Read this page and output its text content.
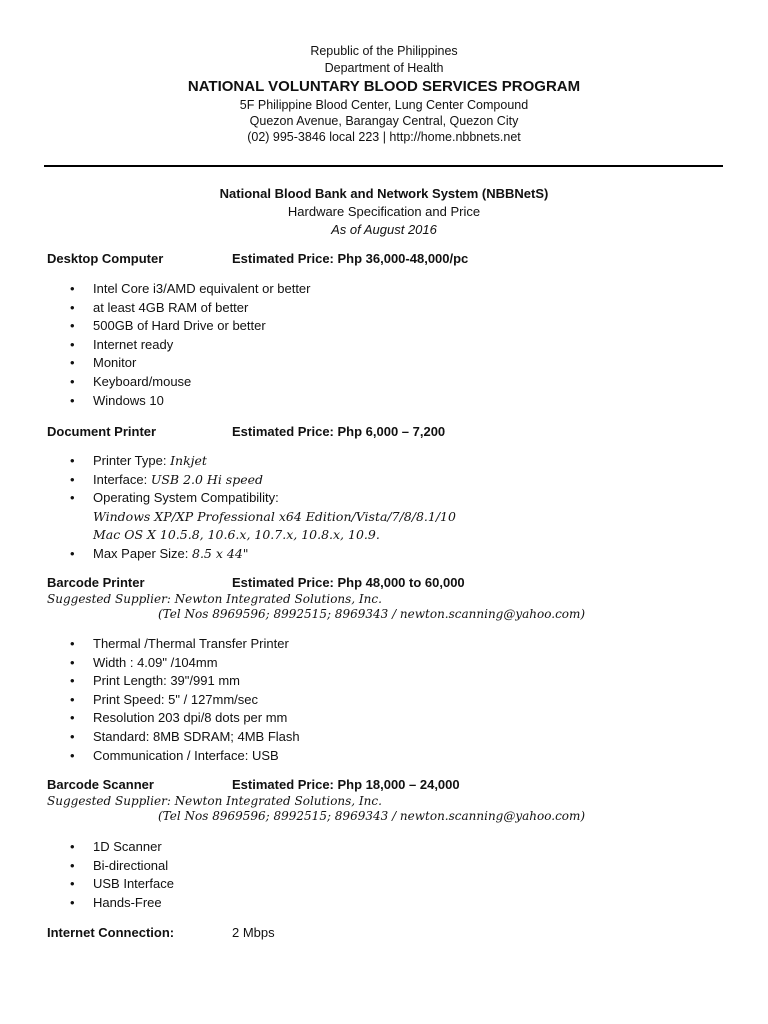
Republic of the Philippines
Department of Health
NATIONAL VOLUNTARY BLOOD SERVICES PROGRAM
5F Philippine Blood Center, Lung Center Compound
Quezon Avenue, Barangay Central, Quezon City
(02) 995-3846 local 223 | http://home.nbbnets.net
National Blood Bank and Network System (NBBNetS)
Hardware Specification and Price
As of August 2016
Desktop Computer	Estimated Price: Php 36,000-48,000/pc
• Intel Core i3/AMD equivalent or better
• at least 4GB RAM of better
• 500GB of Hard Drive or better
• Internet ready
• Monitor
• Keyboard/mouse
• Windows 10
Document Printer	Estimated Price: Php 6,000 – 7,200
• Printer Type: Inkjet
• Interface: USB 2.0 Hi speed
• Operating System Compatibility:
Windows XP/XP Professional x64 Edition/Vista/7/8/8.1/10
Mac OS X 10.5.8, 10.6.x, 10.7.x, 10.8.x, 10.9.
• Max Paper Size: 8.5 x 44"
Barcode Printer	Estimated Price: Php 48,000 to 60,000
Suggested Supplier: Newton Integrated Solutions, Inc.
(Tel Nos 8969596; 8992515; 8969343 / newton.scanning@yahoo.com)
• Thermal /Thermal Transfer Printer
• Width : 4.09" /104mm
• Print Length: 39"/991 mm
• Print Speed: 5" / 127mm/sec
• Resolution 203 dpi/8 dots per mm
• Standard: 8MB SDRAM; 4MB Flash
• Communication / Interface: USB
Barcode Scanner	Estimated Price: Php 18,000 – 24,000
Suggested Supplier: Newton Integrated Solutions, Inc.
(Tel Nos 8969596; 8992515; 8969343 / newton.scanning@yahoo.com)
• 1D Scanner
• Bi-directional
• USB Interface
• Hands-Free
Internet Connection:	2 Mbps
